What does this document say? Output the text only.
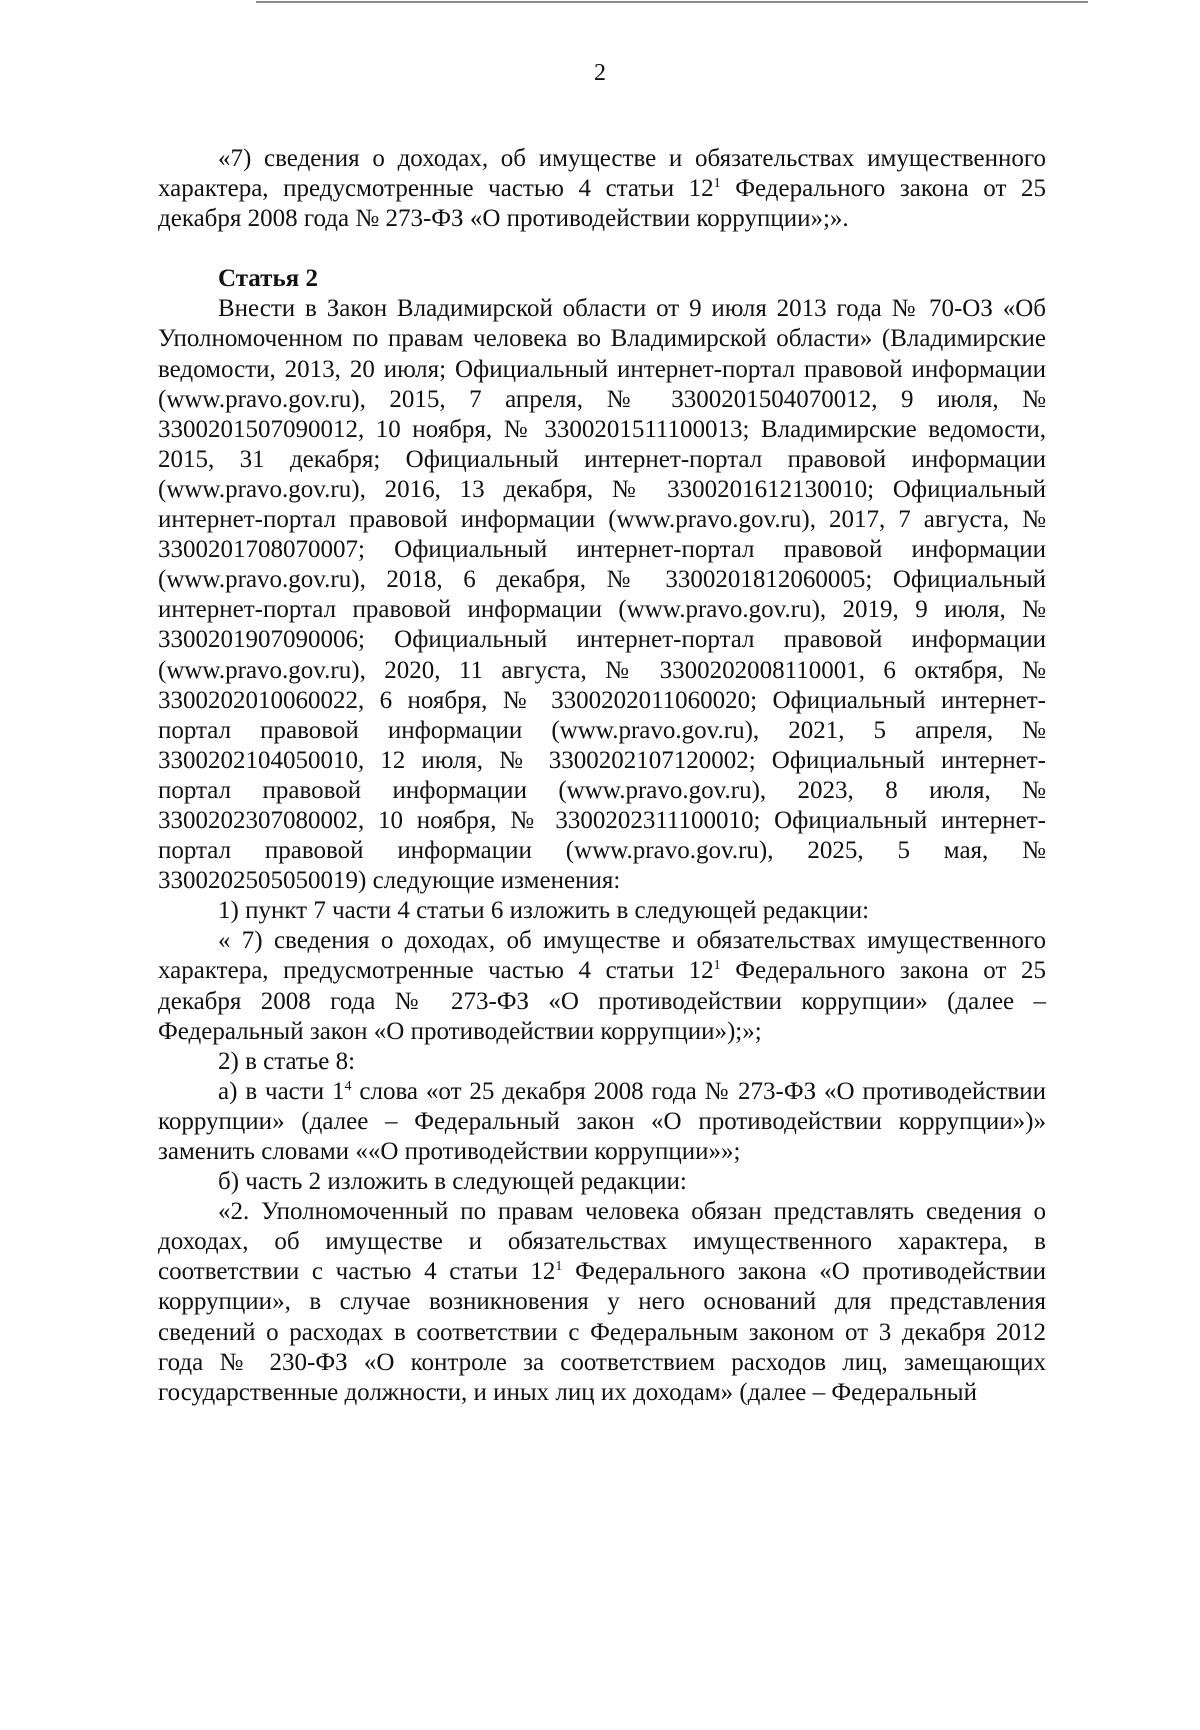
2

«7) сведения о доходах, об имуществе и обязательствах имущественного характера, предусмотренные частью 4 статьи $12^1$ Федерального закона от 25 декабря 2008 года № 273-ФЗ «О противодействии коррупции»;».

Статья 2

Внести в Закон Владимирской области от 9 июля 2013 года № 70-ОЗ «Об Уполномоченном по правам человека во Владимирской области» (Владимирские ведомости, 2013, 20 июля; Официальный интернет-портал правовой информации (www.pravo.gov.ru), 2015, 7 апреля, № 3300201504070012, 9 июля, № 3300201507090012, 10 ноября, № 3300201511100013; Владимирские ведомости, 2015, 31 декабря; Официальный интернет-портал правовой информации (www.pravo.gov.ru), 2016, 13 декабря, № 3300201612130010; Официальный интернет-портал правовой информации (www.pravo.gov.ru), 2017, 7 августа, № 3300201708070007; Официальный интернет-портал правовой информации (www.pravo.gov.ru), 2018, 6 декабря, № 3300201812060005; Официальный интернет-портал правовой информации (www.pravo.gov.ru), 2019, 9 июля, № 3300201907090006; Официальный интернет-портал правовой информации (www.pravo.gov.ru), 2020, 11 августа, № 3300202008110001, 6 октября, № 3300202010060022, 6 ноября, № 3300202011060020; Официальный интернет-портал правовой информации (www.pravo.gov.ru), 2021, 5 апреля, № 3300202104050010, 12 июля, № 3300202107120002; Официальный интернет-портал правовой информации (www.pravo.gov.ru), 2023, 8 июля, № 3300202307080002, 10 ноября, № 3300202311100010; Официальный интернет-портал правовой информации (www.pravo.gov.ru), 2025, 5 мая, № 3300202505050019) следующие изменения:

1) пункт 7 части 4 статьи 6 изложить в следующей редакции:

« 7) сведения о доходах, об имуществе и обязательствах имущественного характера, предусмотренные частью 4 статьи $12^1$ Федерального закона от 25 декабря 2008 года № 273-ФЗ «О противодействии коррупции» (далее – Федеральный закон «О противодействии коррупции»);»;

2) в статье 8:

а) в части $1^4$ слова «от 25 декабря 2008 года № 273-ФЗ «О противодействии коррупции» (далее – Федеральный закон «О противодействии коррупции»)» заменить словами ««О противодействии коррупции»»;

б) часть 2 изложить в следующей редакции:

«2. Уполномоченный по правам человека обязан представлять сведения о доходах, об имуществе и обязательствах имущественного характера, в соответствии с частью 4 статьи $12^1$ Федерального закона «О противодействии коррупции», в случае возникновения у него оснований для представления сведений о расходах в соответствии с Федеральным законом от 3 декабря 2012 года № 230-ФЗ «О контроле за соответствием расходов лиц, замещающих государственные должности, и иных лиц их доходам» (далее – Федеральный
